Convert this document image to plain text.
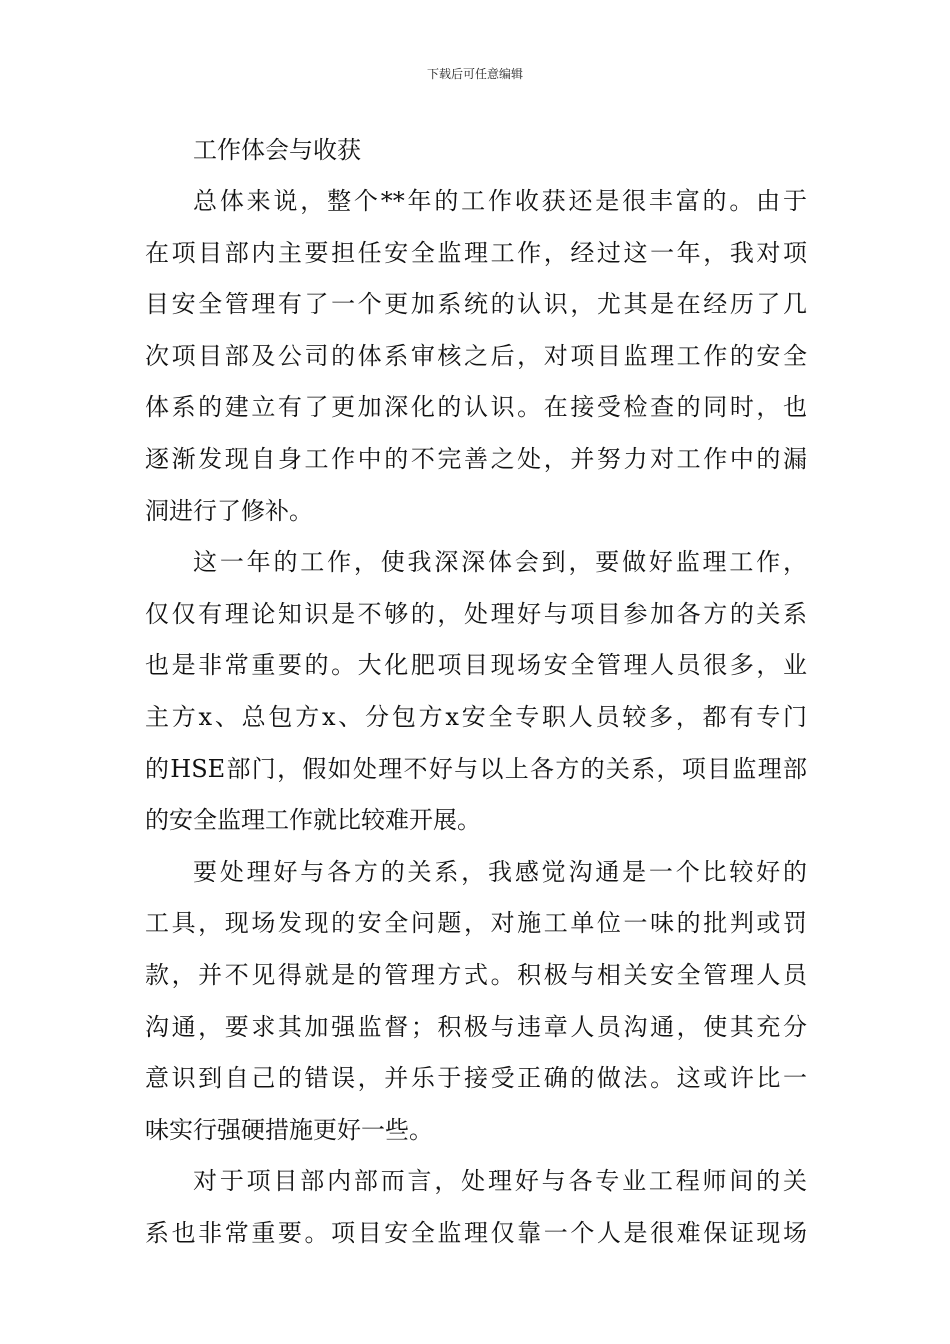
下载后可任意编辑
工作体会与收获
总体来说，整个**年的工作收获还是很丰富的。由于
在项目部内主要担任安全监理工作，经过这一年，我对项
目安全管理有了一个更加系统的认识，尤其是在经历了几
次项目部及公司的体系审核之后，对项目监理工作的安全
体系的建立有了更加深化的认识。在接受检查的同时，也
逐渐发现自身工作中的不完善之处，并努力对工作中的漏
洞进行了修补。
这一年的工作，使我深深体会到，要做好监理工作，
仅仅有理论知识是不够的，处理好与项目参加各方的关系
也是非常重要的。大化肥项目现场安全管理人员很多，业
主方x、总包方x、分包方x安全专职人员较多，都有专门
的HSE部门，假如处理不好与以上各方的关系，项目监理部
的安全监理工作就比较难开展。
要处理好与各方的关系，我感觉沟通是一个比较好的
工具，现场发现的安全问题，对施工单位一味的批判或罚
款，并不见得就是的管理方式。积极与相关安全管理人员
沟通，要求其加强监督；积极与违章人员沟通，使其充分
意识到自己的错误，并乐于接受正确的做法。这或许比一
味实行强硬措施更好一些。
对于项目部内部而言，处理好与各专业工程师间的关
系也非常重要。项目安全监理仅靠一个人是很难保证现场
